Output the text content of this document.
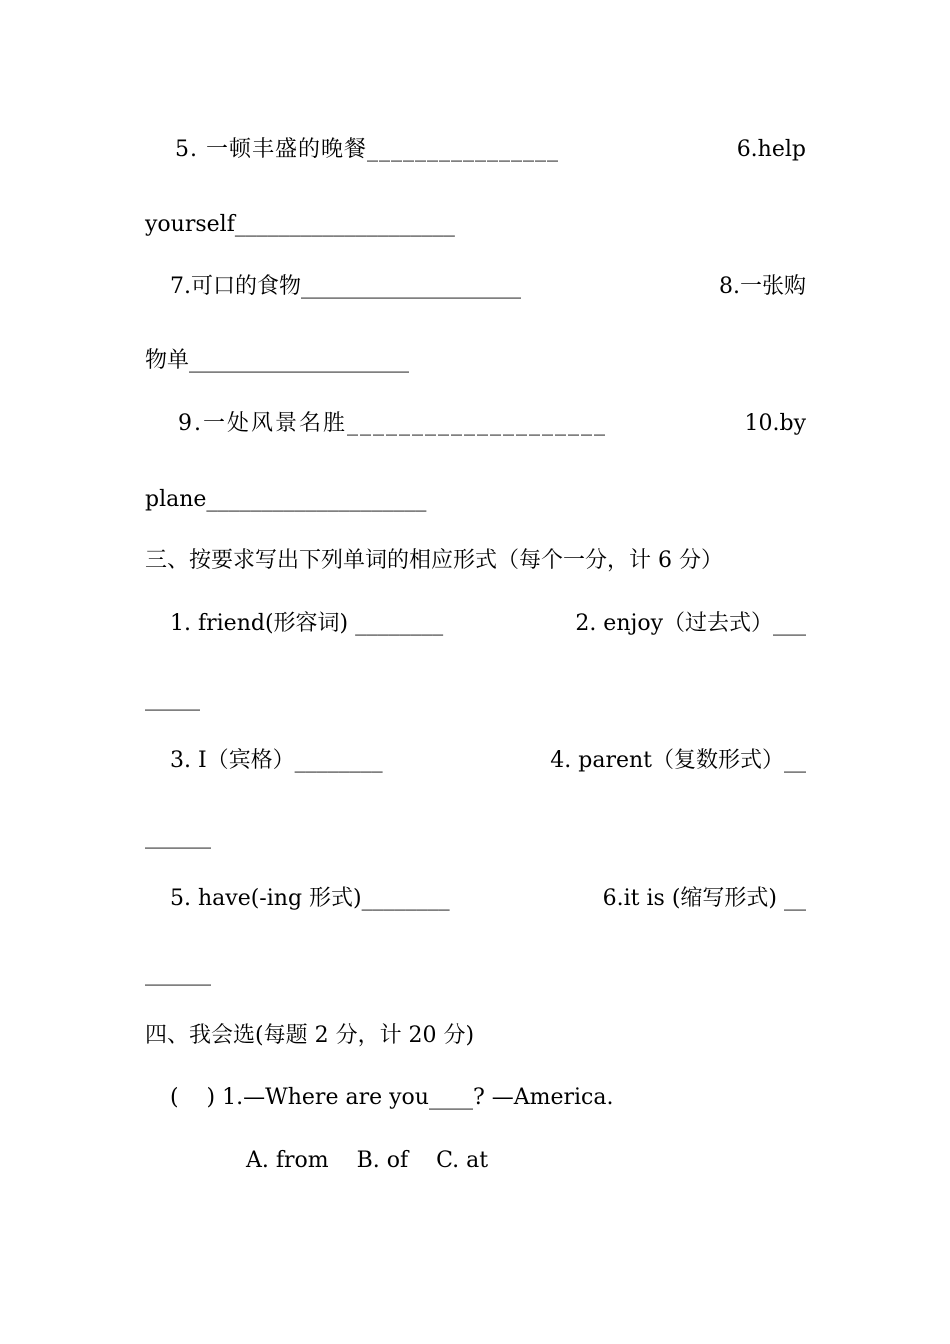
5. 一顿丰盛的晚餐________________	6.help
yourself____________________
7.可口的食物____________________	8.一张购
物单____________________
9.一处风景名胜____________________	10.by
plane____________________
三、按要求写出下列单词的相应形式（每个一分，计 6 分）
1. friend(形容词) ________	2. enjoy（过去式）___
_____
3. I（宾格）________	4. parent（复数形式）__
______
5. have(-ing 形式)________	6.it is (缩写形式) __
______
四、我会选(每题 2 分，计 20 分)
(    ) 1.—Where are you____? —America.
A. from    B. of    C. at
